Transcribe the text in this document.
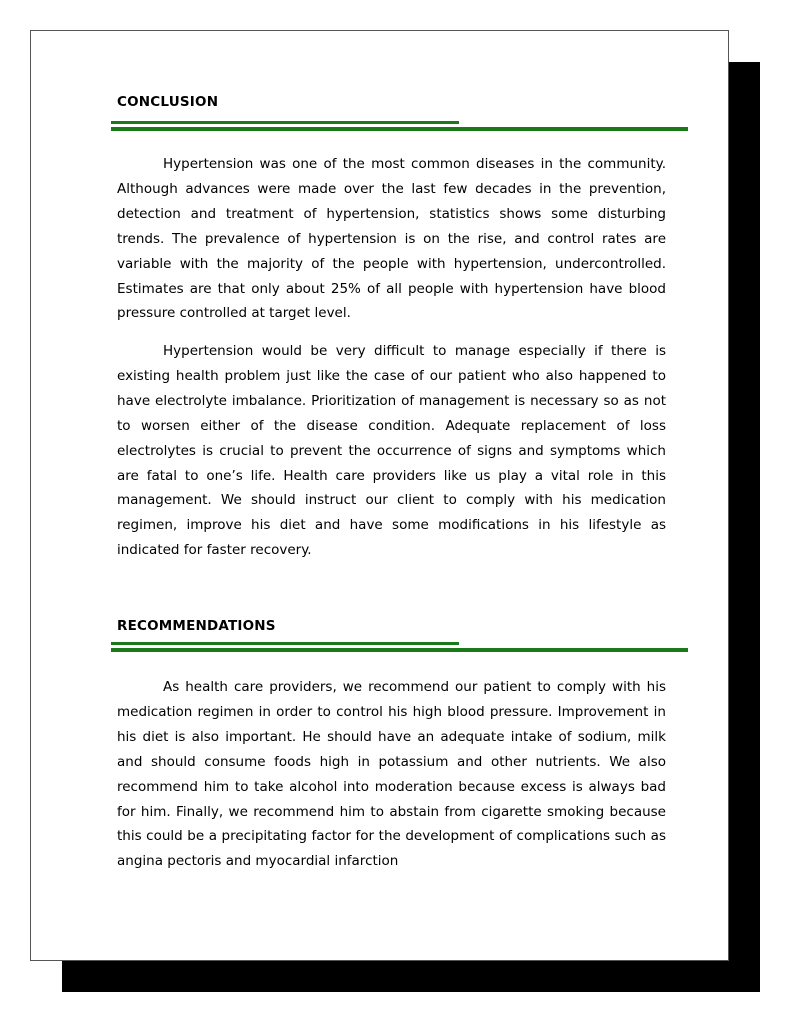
CONCLUSION

Hypertension was one of the most common diseases in the community. Although advances were made over the last few decades in the prevention, detection and treatment of hypertension, statistics shows some disturbing trends. The prevalence of hypertension is on the rise, and control rates are variable with the majority of the people with hypertension, undercontrolled. Estimates are that only about 25% of all people with hypertension have blood pressure controlled at target level.

Hypertension would be very difficult to manage especially if there is existing health problem just like the case of our patient who also happened to have electrolyte imbalance. Prioritization of management is necessary so as not to worsen either of the disease condition. Adequate replacement of loss electrolytes is crucial to prevent the occurrence of signs and symptoms which are fatal to one’s life. Health care providers like us play a vital role in this management. We should instruct our client to comply with his medication regimen, improve his diet and have some modifications in his lifestyle as indicated for faster recovery.

RECOMMENDATIONS

As health care providers, we recommend our patient to comply with his medication regimen in order to control his high blood pressure. Improvement in his diet is also important. He should have an adequate intake of sodium, milk and should consume foods high in potassium and other nutrients. We also recommend him to take alcohol into moderation because excess is always bad for him. Finally, we recommend him to abstain from cigarette smoking because this could be a precipitating factor for the development of complications such as angina pectoris and myocardial infarction
